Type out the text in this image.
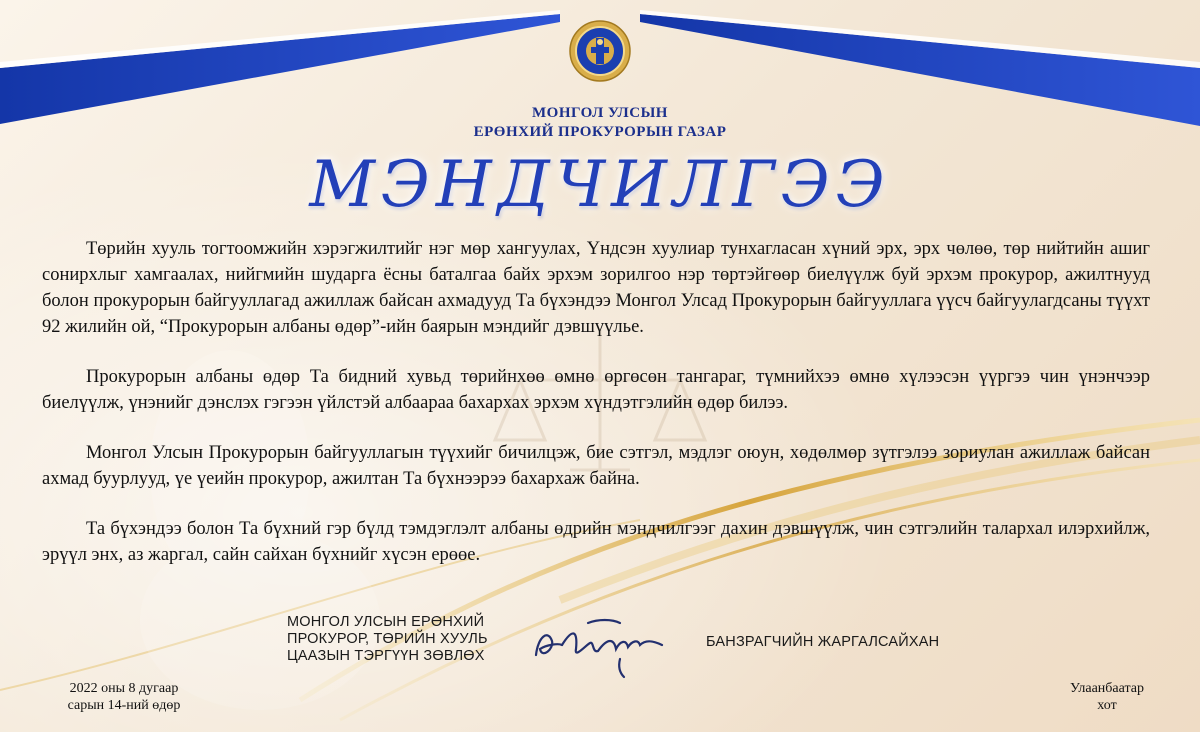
МОНГОЛ УЛСЫН
ЕРӨНХИЙ ПРОКУРОРЫН ГАЗАР
МЭНДЧИЛГЭЭ

Төрийн хууль тогтоомжийн хэрэгжилтийг нэг мөр хангуулах, Үндсэн хуулиар тунхагласан хүний эрх, эрх чөлөө, төр нийтийн ашиг сонирхлыг хамгаалах, нийгмийн шударга ёсны баталгаа байх эрхэм зорилгоо нэр төртэйгөөр биелүүлж буй эрхэм прокурор, ажилтнууд болон прокурорын байгууллагад ажиллаж байсан ахмадууд Та бүхэндээ Монгол Улсад Прокурорын байгууллага үүсч байгуулагдсаны түүхт 92 жилийн ой, “Прокурорын албаны өдөр”-ийн баярын мэндийг дэвшүүлье.

Прокурорын албаны өдөр Та бидний хувьд төрийнхөө өмнө өргөсөн тангараг, түмнийхээ өмнө хүлээсэн үүргээ чин үнэнчээр биелүүлж, үнэнийг дэнслэх гэгээн үйлстэй албаараа бахархах эрхэм хүндэтгэлийн өдөр билээ.

Монгол Улсын Прокурорын байгууллагын түүхийг бичилцэж, бие сэтгэл, мэдлэг оюун, хөдөлмөр зүтгэлээ зориулан ажиллаж байсан ахмад буурлууд, үе үеийн прокурор, ажилтан Та бүхнээрээ бахархаж байна.

Та бүхэндээ болон Та бүхний гэр бүлд тэмдэглэлт албаны өдрийн мэндчилгээг дахин дэвшүүлж, чин сэтгэлийн талархал илэрхийлж, эрүүл энх, аз жаргал, сайн сайхан бүхнийг хүсэн ерөөе.

МОНГОЛ УЛСЫН ЕРӨНХИЙ
ПРОКУРОР, ТӨРИЙН ХУУЛЬ
ЦААЗЫН ТЭРГҮҮН ЗӨВЛӨХ
БАНЗРАГЧИЙН ЖАРГАЛСАЙХАН
2022 оны 8 дугаар
сарын 14-ний өдөр
Улаанбаатар
хот
